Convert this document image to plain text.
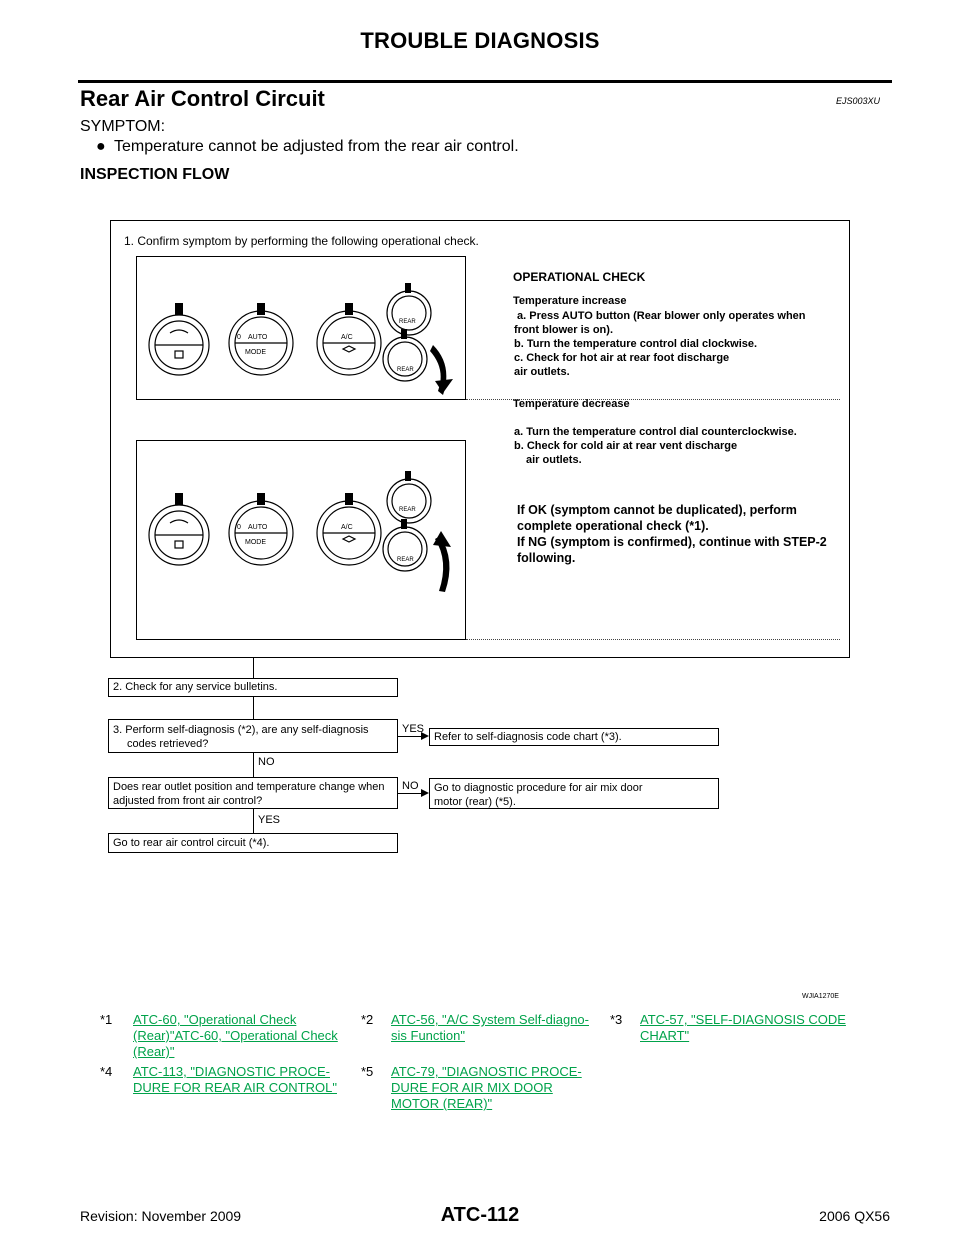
TROUBLE DIAGNOSIS
Rear Air Control Circuit	EJS003XU
SYMPTOM:
● Temperature cannot be adjusted from the rear air control.
INSPECTION FLOW
1. Confirm symptom by performing the following operational check.
AUTO
MODE
0	A/C
REAR
REAR
AUTO
MODE
0	A/C
REAR
REAR
OPERATIONAL CHECK
Temperature increase
a. Press AUTO button (Rear blower only operates when
front blower is on).
b. Turn the temperature control dial clockwise.
c. Check for hot air at rear foot discharge
air outlets.
Temperature decrease
a. Turn the temperature control dial counterclockwise.
b. Check for cold air at rear vent discharge
air outlets.
If OK (symptom cannot be duplicated), perform
complete operational check (*1).
If NG (symptom is confirmed), continue with STEP-2
following.
2. Check for any service bulletins.
3. Perform self-diagnosis (*2), are any self-diagnosis
codes retrieved?
YES
Refer to self-diagnosis code chart (*3).
NO
Does rear outlet position and temperature change when
adjusted from front air control?
NO Go to diagnostic procedure for air mix door
motor (rear) (*5).
YES
Go to rear air control circuit (*4).
WJIA1270E
*1 ATC-60, "Operational Check
(Rear)"ATC-60, "Operational Check
(Rear)"
*2 ATC-56, "A/C System Self-diagno-
sis Function"
*3 ATC-57, "SELF-DIAGNOSIS CODE
CHART"
*4 ATC-113, "DIAGNOSTIC PROCE-
DURE FOR REAR AIR CONTROL"
*5 ATC-79, "DIAGNOSTIC PROCE-
DURE FOR AIR MIX DOOR
MOTOR (REAR)"
Revision: November 2009	ATC-112	2006 QX56
